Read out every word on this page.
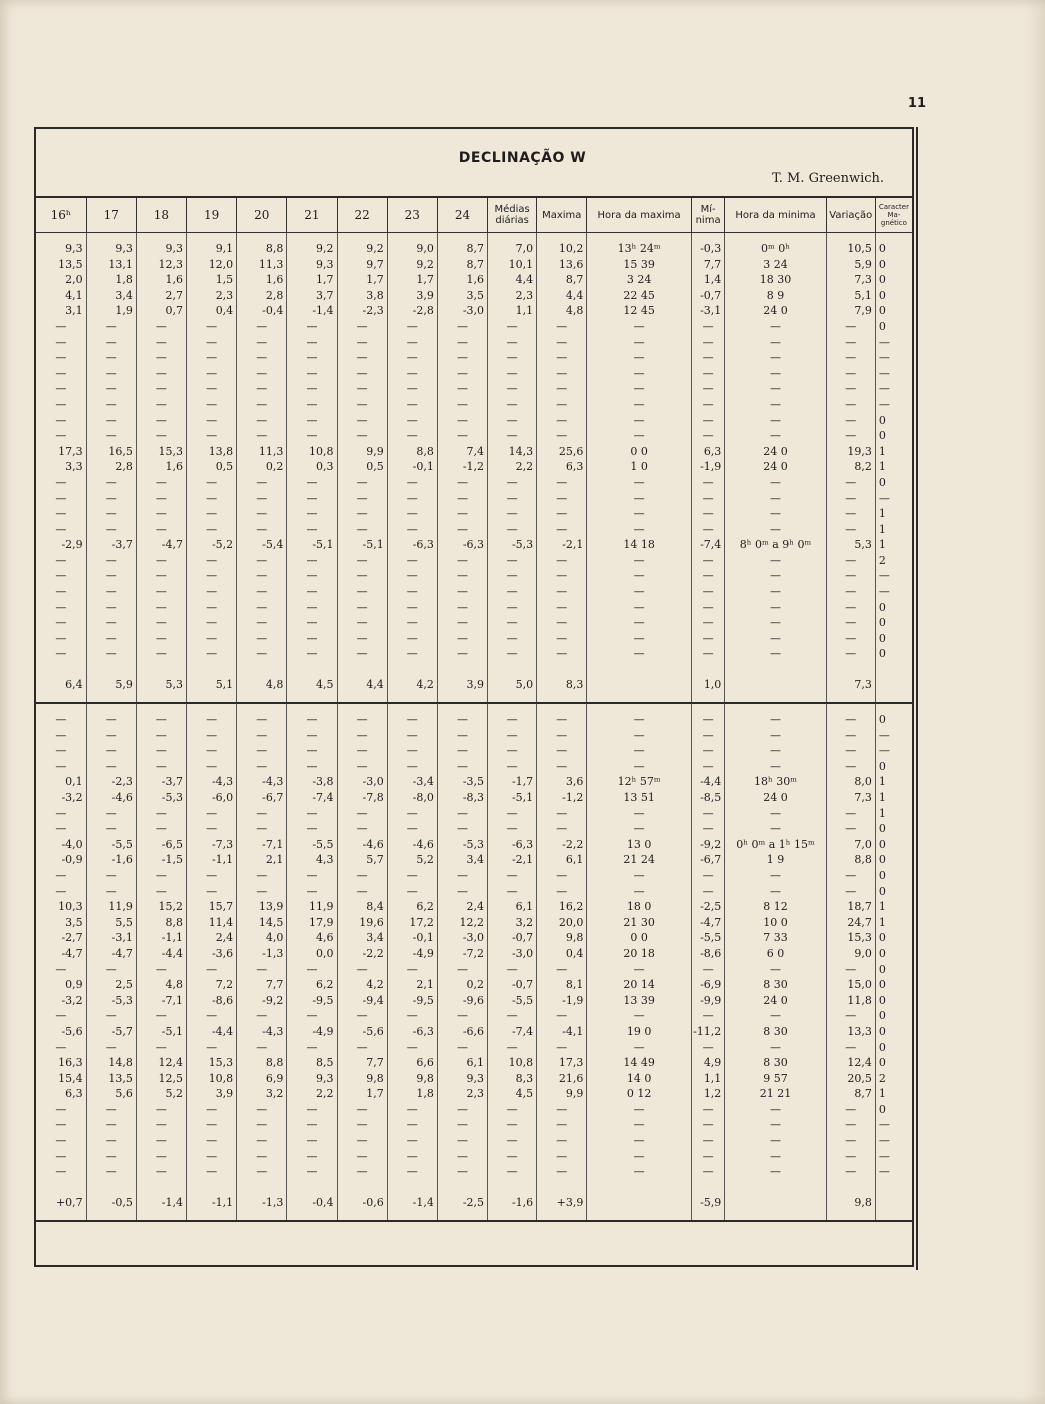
11
DECLINAÇÃO W
T. M. Greenwich.
16ʰ	17	18	19	20	21	22	23	24	Médias diárias	Maxima	Hora da maxima	Mí- nima	Hora da minima	Variação	Caracter Ma- gnético

9,3	9,3	9,3	9,1	8,8	9,2	9,2	9,0	8,7	7,0	10,2	13ʰ 24ᵐ	-0,3	0ᵐ 0ʰ	10,5	0
13,5	13,1	12,3	12,0	11,3	9,3	9,7	9,2	8,7	10,1	13,6	15 39	7,7	3 24	5,9	0
2,0	1,8	1,6	1,5	1,6	1,7	1,7	1,7	1,6	4,4	8,7	3 24	1,4	18 30	7,3	0
4,1	3,4	2,7	2,3	2,8	3,7	3,8	3,9	3,5	2,3	4,4	22 45	-0,7	8 9	5,1	0
3,1	1,9	0,7	0,4	-0,4	-1,4	-2,3	-2,8	-3,0	1,1	4,8	12 45	-3,1	24 0	7,9	0
—	—	—	—	—	—	—	—	—	—	—	—	—	—	—	0
—	—	—	—	—	—	—	—	—	—	—	—	—	—	—	—
—	—	—	—	—	—	—	—	—	—	—	—	—	—	—	—
—	—	—	—	—	—	—	—	—	—	—	—	—	—	—	—
—	—	—	—	—	—	—	—	—	—	—	—	—	—	—	—
—	—	—	—	—	—	—	—	—	—	—	—	—	—	—	—
—	—	—	—	—	—	—	—	—	—	—	—	—	—	—	0
—	—	—	—	—	—	—	—	—	—	—	—	—	—	—	0
17,3	16,5	15,3	13,8	11,3	10,8	9,9	8,8	7,4	14,3	25,6	0 0	6,3	24 0	19,3	1
3,3	2,8	1,6	0,5	0,2	0,3	0,5	-0,1	-1,2	2,2	6,3	1 0	-1,9	24 0	8,2	1
—	—	—	—	—	—	—	—	—	—	—	—	—	—	—	0
—	—	—	—	—	—	—	—	—	—	—	—	—	—	—	—
—	—	—	—	—	—	—	—	—	—	—	—	—	—	—	1
—	—	—	—	—	—	—	—	—	—	—	—	—	—	—	1
-2,9	-3,7	-4,7	-5,2	-5,4	-5,1	-5,1	-6,3	-6,3	-5,3	-2,1	14 18	-7,4	8ʰ 0ᵐ a 9ʰ 0ᵐ	5,3	1
—	—	—	—	—	—	—	—	—	—	—	—	—	—	—	2
—	—	—	—	—	—	—	—	—	—	—	—	—	—	—	—
—	—	—	—	—	—	—	—	—	—	—	—	—	—	—	—
—	—	—	—	—	—	—	—	—	—	—	—	—	—	—	0
—	—	—	—	—	—	—	—	—	—	—	—	—	—	—	0
—	—	—	—	—	—	—	—	—	—	—	—	—	—	—	0
—	—	—	—	—	—	—	—	—	—	—	—	—	—	—	0

6,4	5,9	5,3	5,1	4,8	4,5	4,4	4,2	3,9	5,0	8,3		1,0		7,3	

—	—	—	—	—	—	—	—	—	—	—	—	—	—	—	0
—	—	—	—	—	—	—	—	—	—	—	—	—	—	—	—
—	—	—	—	—	—	—	—	—	—	—	—	—	—	—	—
—	—	—	—	—	—	—	—	—	—	—	—	—	—	—	0
0,1	-2,3	-3,7	-4,3	-4,3	-3,8	-3,0	-3,4	-3,5	-1,7	3,6	12ʰ 57ᵐ	-4,4	18ʰ 30ᵐ	8,0	1
-3,2	-4,6	-5,3	-6,0	-6,7	-7,4	-7,8	-8,0	-8,3	-5,1	-1,2	13 51	-8,5	24 0	7,3	1
—	—	—	—	—	—	—	—	—	—	—	—	—	—	—	1
—	—	—	—	—	—	—	—	—	—	—	—	—	—	—	0
-4,0	-5,5	-6,5	-7,3	-7,1	-5,5	-4,6	-4,6	-5,3	-6,3	-2,2	13 0	-9,2	0ʰ 0ᵐ a 1ʰ 15ᵐ	7,0	0
-0,9	-1,6	-1,5	-1,1	2,1	4,3	5,7	5,2	3,4	-2,1	6,1	21 24	-6,7	1 9	8,8	0
—	—	—	—	—	—	—	—	—	—	—	—	—	—	—	0
—	—	—	—	—	—	—	—	—	—	—	—	—	—	—	0
10,3	11,9	15,2	15,7	13,9	11,9	8,4	6,2	2,4	6,1	16,2	18 0	-2,5	8 12	18,7	1
3,5	5,5	8,8	11,4	14,5	17,9	19,6	17,2	12,2	3,2	20,0	21 30	-4,7	10 0	24,7	1
-2,7	-3,1	-1,1	2,4	4,0	4,6	3,4	-0,1	-3,0	-0,7	9,8	0 0	-5,5	7 33	15,3	0
-4,7	-4,7	-4,4	-3,6	-1,3	0,0	-2,2	-4,9	-7,2	-3,0	0,4	20 18	-8,6	6 0	9,0	0
—	—	—	—	—	—	—	—	—	—	—	—	—	—	—	0
0,9	2,5	4,8	7,2	7,7	6,2	4,2	2,1	0,2	-0,7	8,1	20 14	-6,9	8 30	15,0	0
-3,2	-5,3	-7,1	-8,6	-9,2	-9,5	-9,4	-9,5	-9,6	-5,5	-1,9	13 39	-9,9	24 0	11,8	0
—	—	—	—	—	—	—	—	—	—	—	—	—	—	—	0
-5,6	-5,7	-5,1	-4,4	-4,3	-4,9	-5,6	-6,3	-6,6	-7,4	-4,1	19 0	-11,2	8 30	13,3	0
—	—	—	—	—	—	—	—	—	—	—	—	—	—	—	0
16,3	14,8	12,4	15,3	8,8	8,5	7,7	6,6	6,1	10,8	17,3	14 49	4,9	8 30	12,4	0
15,4	13,5	12,5	10,8	6,9	9,3	9,8	9,8	9,3	8,3	21,6	14 0	1,1	9 57	20,5	2
6,3	5,6	5,2	3,9	3,2	2,2	1,7	1,8	2,3	4,5	9,9	0 12	1,2	21 21	8,7	1
—	—	—	—	—	—	—	—	—	—	—	—	—	—	—	0
—	—	—	—	—	—	—	—	—	—	—	—	—	—	—	—
—	—	—	—	—	—	—	—	—	—	—	—	—	—	—	—
—	—	—	—	—	—	—	—	—	—	—	—	—	—	—	—
—	—	—	—	—	—	—	—	—	—	—	—	—	—	—	—

+0,7	-0,5	-1,4	-1,1	-1,3	-0,4	-0,6	-1,4	-2,5	-1,6	+3,9		-5,9		9,8	
